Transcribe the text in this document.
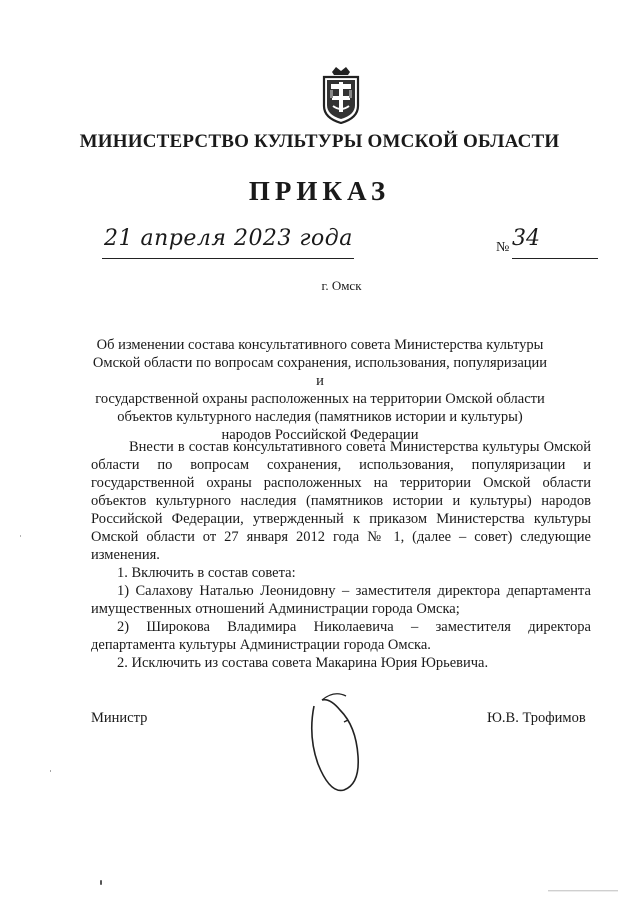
МИНИСТЕРСТВО КУЛЬТУРЫ ОМСКОЙ ОБЛАСТИ
ПРИКАЗ
21 апреля 2023 года	№ 34
г. Омск
Об изменении состава консультативного совета Министерства культуры
Омской области по вопросам сохранения, использования, популяризации и
государственной охраны расположенных на территории Омской области
объектов культурного наследия (памятников истории и культуры)
народов Российской Федерации

Внести в состав консультативного совета Министерства культуры Омской области по вопросам сохранения, использования, популяризации и государственной охраны расположенных на территории Омской области объектов культурного наследия (памятников истории и культуры) народов Российской Федерации, утвержденный к приказом Министерства культуры Омской области от 27 января 2012 года № 1, (далее – совет) следующие изменения.

1. Включить в состав совета:

1) Салахову Наталью Леонидовну – заместителя директора департамента имущественных отношений Администрации города Омска;

2) Широкова Владимира Николаевича – заместителя директора департамента культуры Администрации города Омска.

2. Исключить из состава совета Макарина Юрия Юрьевича.

Министр	Ю.В. Трофимов
